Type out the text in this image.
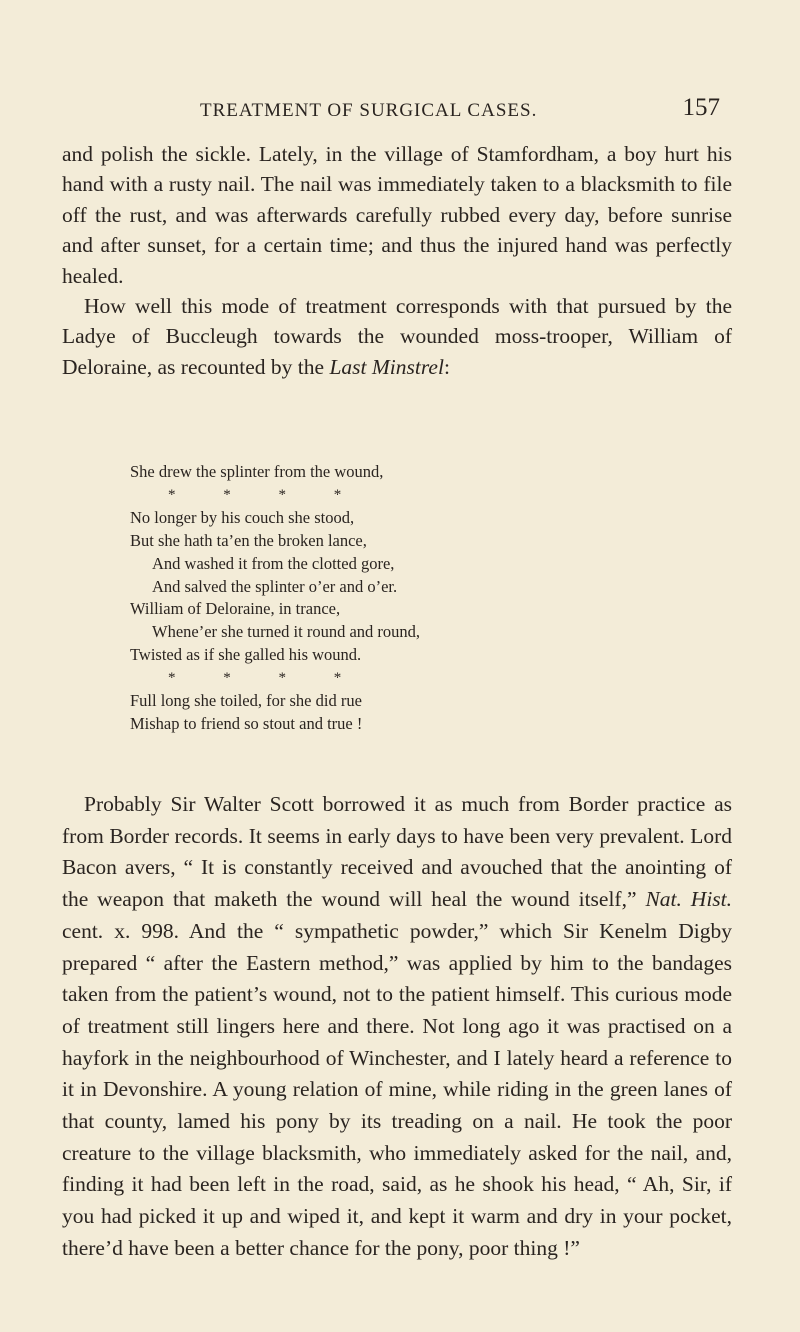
TREATMENT OF SURGICAL CASES.	157

and polish the sickle. Lately, in the village of Stamfordham, a boy hurt his hand with a rusty nail. The nail was immediately taken to a blacksmith to file off the rust, and was afterwards carefully rubbed every day, before sunrise and after sunset, for a certain time; and thus the injured hand was perfectly healed.

How well this mode of treatment corresponds with that pursued by the Ladye of Buccleugh towards the wounded moss-trooper, William of Deloraine, as recounted by the Last Minstrel:

She drew the splinter from the wound,
* * * *
No longer by his couch she stood,
But she hath ta’en the broken lance,
And washed it from the clotted gore,
And salved the splinter o’er and o’er.
William of Deloraine, in trance,
Whene’er she turned it round and round,
Twisted as if she galled his wound.
* * * *
Full long she toiled, for she did rue
Mishap to friend so stout and true !

Probably Sir Walter Scott borrowed it as much from Border practice as from Border records. It seems in early days to have been very prevalent. Lord Bacon avers, “ It is constantly received and avouched that the anointing of the weapon that maketh the wound will heal the wound itself,” Nat. Hist. cent. x. 998. And the “ sympathetic powder,” which Sir Kenelm Digby prepared “ after the Eastern method,” was applied by him to the bandages taken from the patient’s wound, not to the patient himself. This curious mode of treatment still lingers here and there. Not long ago it was practised on a hayfork in the neighbourhood of Winchester, and I lately heard a reference to it in Devonshire. A young relation of mine, while riding in the green lanes of that county, lamed his pony by its treading on a nail. He took the poor creature to the village blacksmith, who immediately asked for the nail, and, finding it had been left in the road, said, as he shook his head, “ Ah, Sir, if you had picked it up and wiped it, and kept it warm and dry in your pocket, there’d have been a better chance for the pony, poor thing !”
